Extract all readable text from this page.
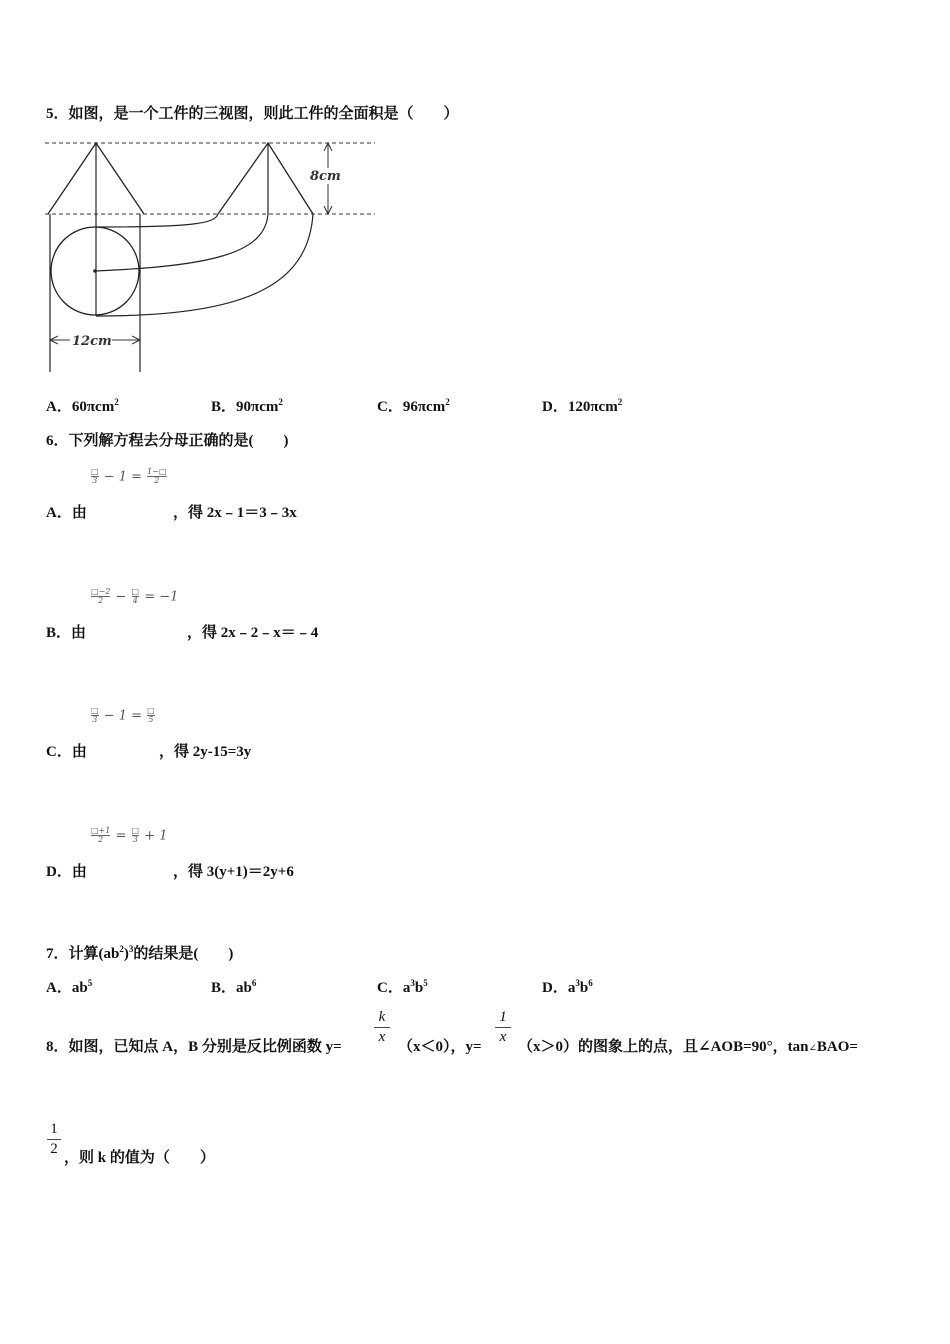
5．如图，是一个工件的三视图，则此工件的全面积是（　　）
8cm
12cm
A．60πcm$^2$	B．90πcm$^2$	C．96πcm$^2$	D．120πcm$^2$
6．下列解方程去分母正确的是(　　)
□
$3 - 1 = \frac{1-□}{2}$
A．由	，得 2x﹣1＝3﹣3x
$\frac{□-2}{2}$ − □
4 = −1
B．由	，得 2x﹣2﹣x＝﹣4
□
3 − 1 = □
5
C．由	，得 2y-15=3y
$\frac{□+1}{2}$ = □
3 + 1
D．由	，得 3(y+1)＝2y+6
7．计算$(ab^2)^3$的结果是(　　)
A．$ab^5$	B．$ab^6$	C．$a^3b^5$	D．$a^3b^6$
8．如图，已知点 A，B 分别是反比例函数 y=
k
x
（x＜0），y=
1
x
（x＞0）的图象上的点，且∠AOB=90°，tan∠BAO=
1
2
，则 k 的值为（　　）
